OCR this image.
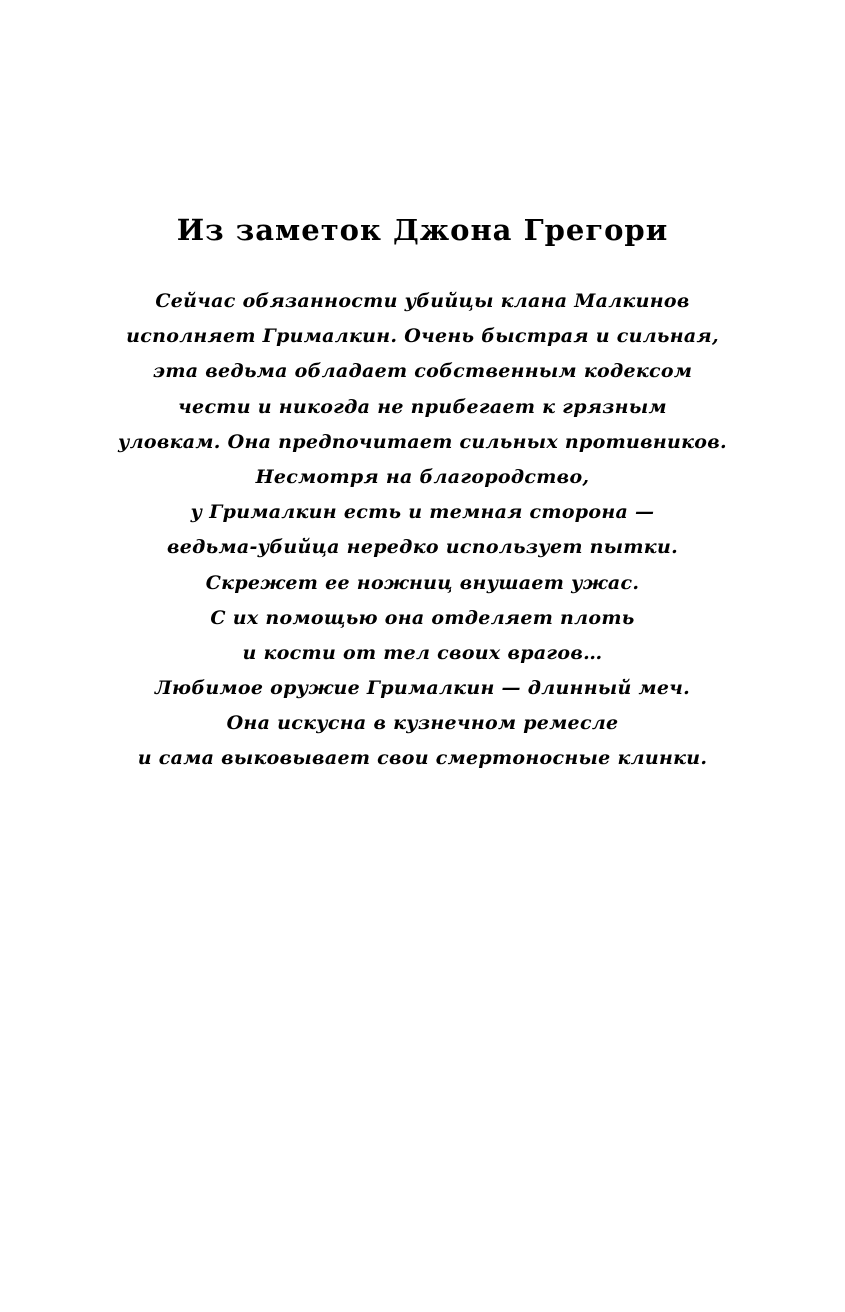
Из заметок Джона Грегори
Сейчас обязанности убийцы клана Малкинов
исполняет Грималкин. Очень быстрая и сильная,
эта ведьма обладает собственным кодексом
чести и никогда не прибегает к грязным
уловкам. Она предпочитает сильных противников.
Несмотря на благородство,
у Грималкин есть и темная сторона —
ведьма-убийца нередко использует пытки.
Скрежет ее ножниц внушает ужас.
С их помощью она отделяет плоть
и кости от тел своих врагов…
Любимое оружие Грималкин — длинный меч.
Она искусна в кузнечном ремесле
и сама выковывает свои смертоносные клинки.
